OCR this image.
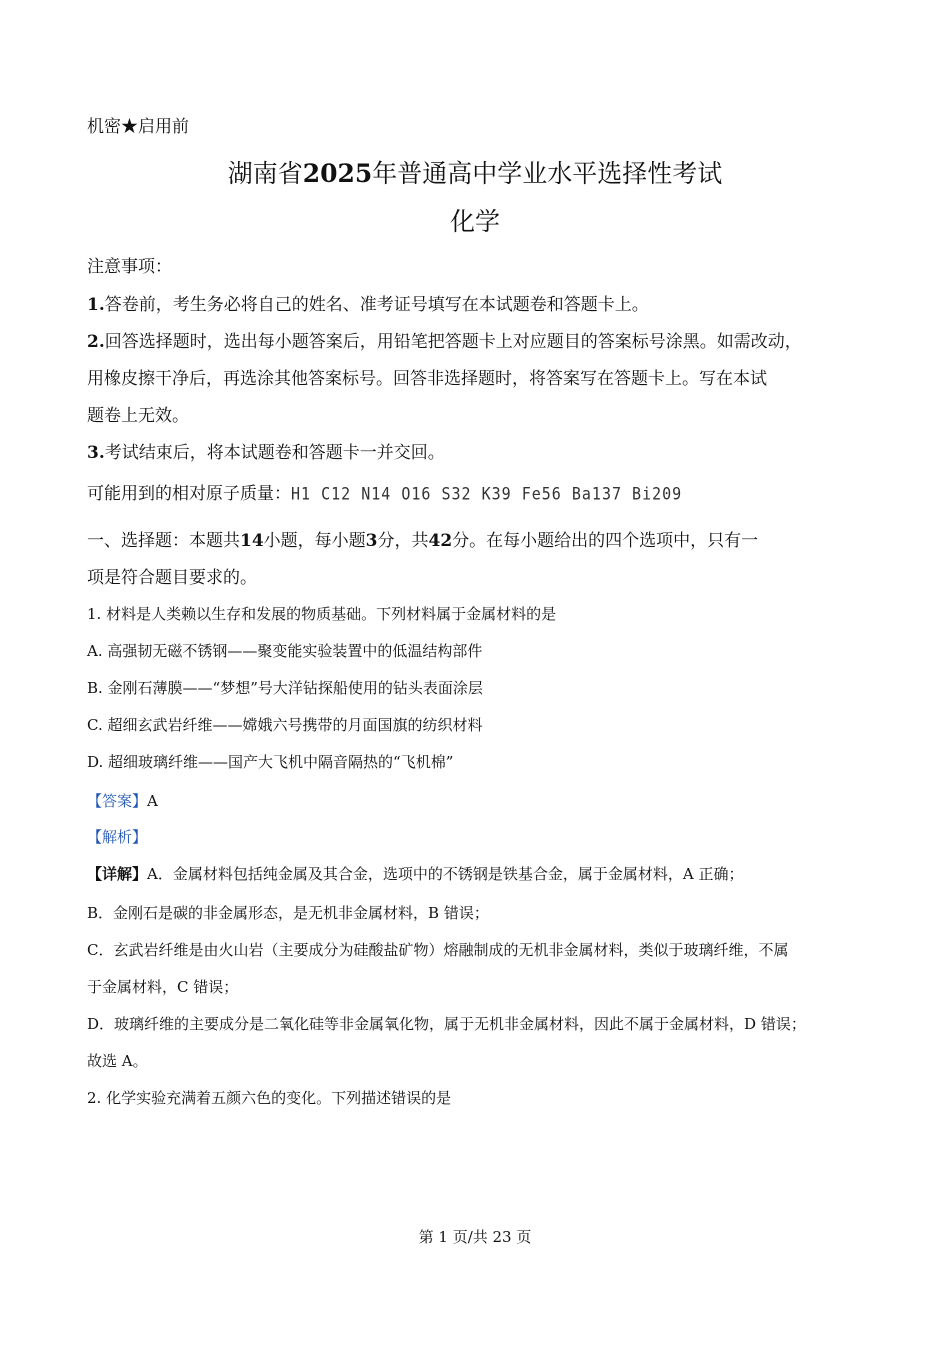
机密★启用前
湖南省2025年普通高中学业水平选择性考试
化学
注意事项：
1.答卷前，考生务必将自己的姓名、准考证号填写在本试题卷和答题卡上。
2.回答选择题时，选出每小题答案后，用铅笔把答题卡上对应题目的答案标号涂黑。如需改动，
用橡皮擦干净后，再选涂其他答案标号。回答非选择题时，将答案写在答题卡上。写在本试
题卷上无效。
3.考试结束后，将本试题卷和答题卡一并交回。
可能用到的相对原子质量：H1 C12 N14 O16 S32 K39 Fe56 Ba137 Bi209
一、选择题：本题共14小题，每小题3分，共42分。在每小题给出的四个选项中，只有一
项是符合题目要求的。
1. 材料是人类赖以生存和发展的物质基础。下列材料属于金属材料的是
A. 高强韧无磁不锈钢——聚变能实验装置中的低温结构部件
B. 金刚石薄膜——“梦想”号大洋钻探船使用的钻头表面涂层
C. 超细玄武岩纤维——嫦娥六号携带的月面国旗的纺织材料
D. 超细玻璃纤维——国产大飞机中隔音隔热的“飞机棉”
【答案】A
【解析】
【详解】A．金属材料包括纯金属及其合金，选项中的不锈钢是铁基合金，属于金属材料，A 正确；
B．金刚石是碳的非金属形态，是无机非金属材料，B 错误；
C．玄武岩纤维是由火山岩（主要成分为硅酸盐矿物）熔融制成的无机非金属材料，类似于玻璃纤维，不属
于金属材料，C 错误；
D．玻璃纤维的主要成分是二氧化硅等非金属氧化物，属于无机非金属材料，因此不属于金属材料，D 错误；
故选 A。
2. 化学实验充满着五颜六色的变化。下列描述错误的是
第 1 页/共 23 页
